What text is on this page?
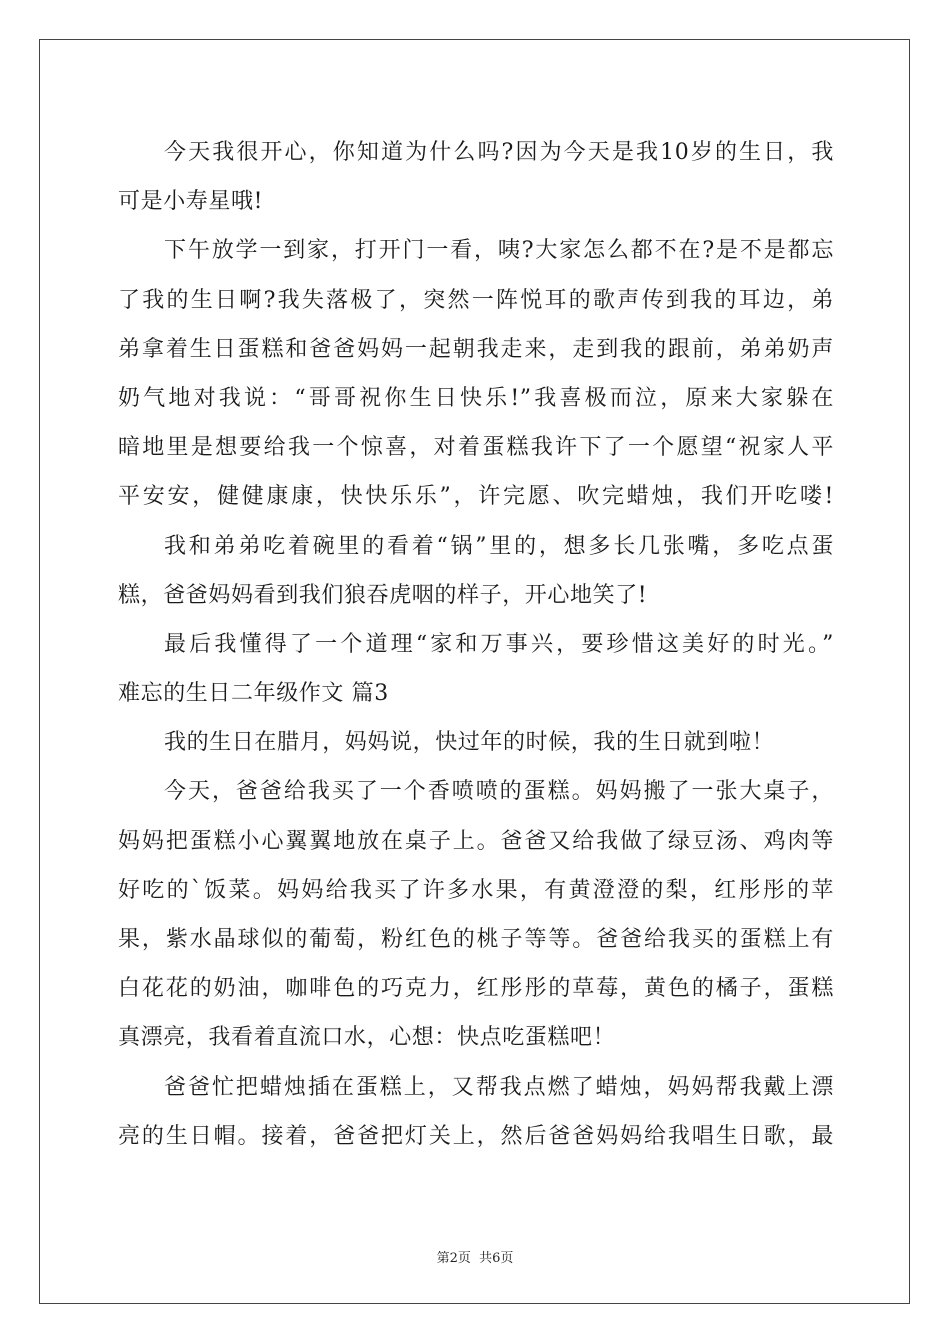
今天我很开心，你知道为什么吗?因为今天是我10岁的生日，我
可是小寿星哦!
下午放学一到家，打开门一看，咦?大家怎么都不在?是不是都忘
了我的生日啊?我失落极了，突然一阵悦耳的歌声传到我的耳边，弟
弟拿着生日蛋糕和爸爸妈妈一起朝我走来，走到我的跟前，弟弟奶声
奶气地对我说：“哥哥祝你生日快乐!”我喜极而泣，原来大家躲在
暗地里是想要给我一个惊喜，对着蛋糕我许下了一个愿望“祝家人平
平安安，健健康康，快快乐乐”，许完愿、吹完蜡烛，我们开吃喽!
我和弟弟吃着碗里的看着“锅”里的，想多长几张嘴，多吃点蛋
糕，爸爸妈妈看到我们狼吞虎咽的样子，开心地笑了!
最后我懂得了一个道理“家和万事兴，要珍惜这美好的时光。”
难忘的生日二年级作文 篇3
我的生日在腊月，妈妈说，快过年的时候，我的生日就到啦！
今天，爸爸给我买了一个香喷喷的蛋糕。妈妈搬了一张大桌子，
妈妈把蛋糕小心翼翼地放在桌子上。爸爸又给我做了绿豆汤、鸡肉等
好吃的`饭菜。妈妈给我买了许多水果，有黄澄澄的梨，红彤彤的苹
果，紫水晶球似的葡萄，粉红色的桃子等等。爸爸给我买的蛋糕上有
白花花的奶油，咖啡色的巧克力，红彤彤的草莓，黄色的橘子，蛋糕
真漂亮，我看着直流口水，心想：快点吃蛋糕吧！
爸爸忙把蜡烛插在蛋糕上，又帮我点燃了蜡烛，妈妈帮我戴上漂
亮的生日帽。接着，爸爸把灯关上，然后爸爸妈妈给我唱生日歌，最
第2页 共6页
